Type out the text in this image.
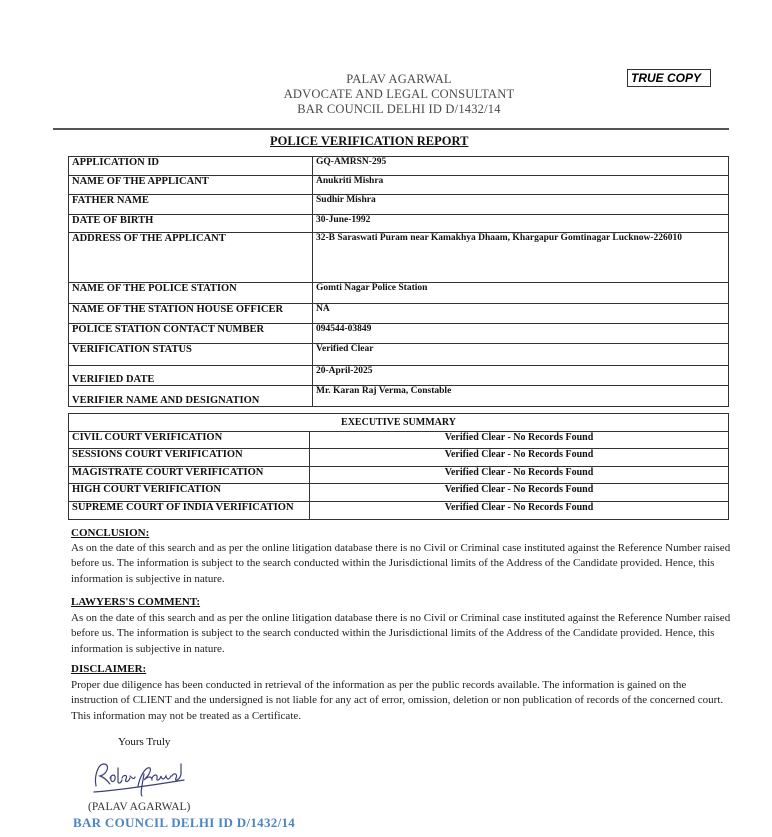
PALAV AGARWAL
ADVOCATE AND LEGAL CONSULTANT
BAR COUNCIL DELHI ID D/1432/14
TRUE COPY
POLICE VERIFICATION REPORT
APPLICATION ID	GQ-AMRSN-295
NAME OF THE APPLICANT	Anukriti Mishra
FATHER NAME	Sudhir Mishra
DATE OF BIRTH	30-June-1992
ADDRESS OF THE APPLICANT	32-B Saraswati Puram near Kamakhya Dhaam, Khargapur Gomtinagar Lucknow-226010
NAME OF THE POLICE STATION	Gomti Nagar Police Station
NAME OF THE STATION HOUSE OFFICER	NA
POLICE STATION CONTACT NUMBER	094544-03849
VERIFICATION STATUS	Verified Clear
VERIFIED DATE	20-April-2025
VERIFIER NAME AND DESIGNATION	Mr. Karan Raj Verma, Constable
EXECUTIVE SUMMARY	
CIVIL COURT VERIFICATION	Verified Clear - No Records Found
SESSIONS COURT VERIFICATION	Verified Clear - No Records Found
MAGISTRATE COURT VERIFICATION	Verified Clear - No Records Found
HIGH COURT VERIFICATION	Verified Clear - No Records Found
SUPREME COURT OF INDIA VERIFICATION	Verified Clear - No Records Found
CONCLUSION:
As on the date of this search and as per the online litigation database there is no Civil or Criminal case instituted against the Reference Number raised before us. The information is subject to the search conducted within the Jurisdictional limits of the Address of the Candidate provided. Hence, this information is subjective in nature.
LAWYERS'S COMMENT:
As on the date of this search and as per the online litigation database there is no Civil or Criminal case instituted against the Reference Number raised before us. The information is subject to the search conducted within the Jurisdictional limits of the Address of the Candidate provided. Hence, this information is subjective in nature.
DISCLAIMER:
Proper due diligence has been conducted in retrieval of the information as per the public records available. The information is gained on the instruction of CLIENT and the undersigned is not liable for any act of error, omission, deletion or non publication of records of the concerned court. This information may not be treated as a Certificate.
Yours Truly
(PALAV AGARWAL)
BAR COUNCIL DELHI ID D/1432/14
